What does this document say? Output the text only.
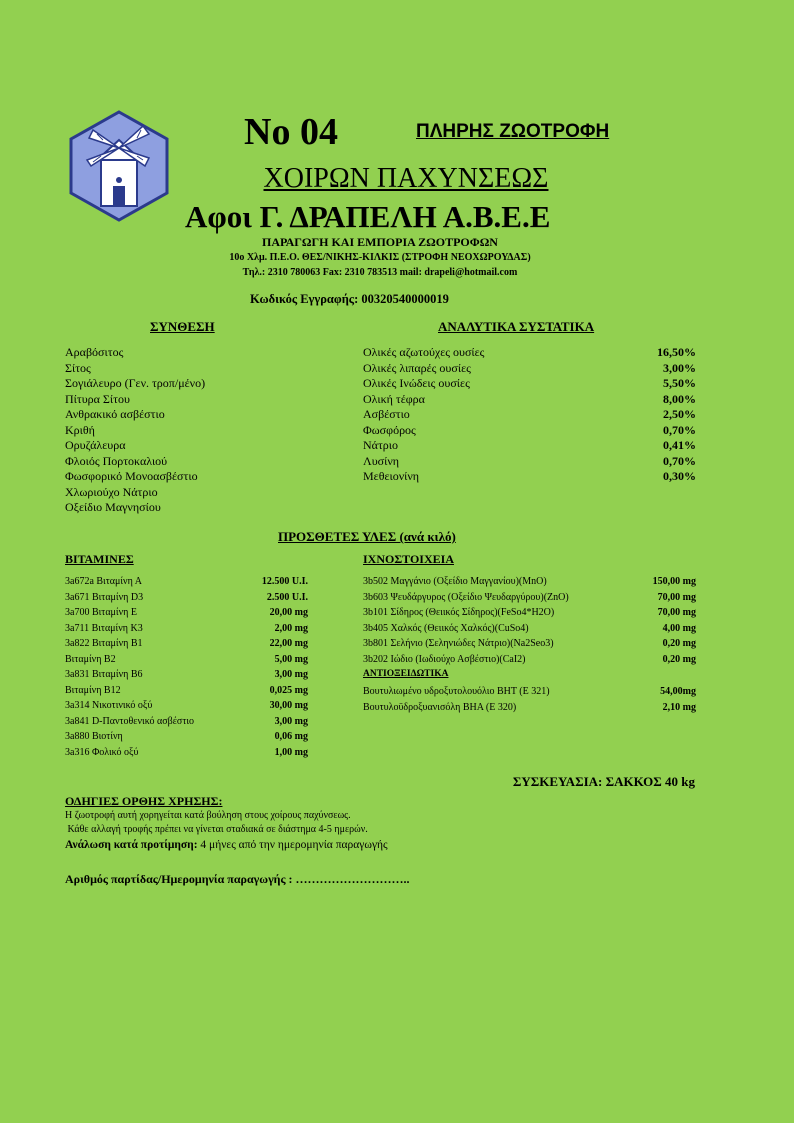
No 04	ΠΛΗΡΗΣ ΖΩΟΤΡΟΦΗ
ΧΟΙΡΩΝ ΠΑΧΥΝΣΕΩΣ
Αφοι Γ. ΔΡΑΠΕΛΗ Α.Β.Ε.Ε
ΠΑΡΑΓΩΓΗ ΚΑΙ ΕΜΠΟΡΙΑ ΖΩΟΤΡΟΦΩΝ
10ο Χλμ. Π.Ε.Ο. ΘΕΣ/ΝΙΚΗΣ-ΚΙΛΚΙΣ (ΣΤΡΟΦΗ ΝΕΟΧΩΡΟΥΔΑΣ)
Τηλ.: 2310 780063 Fax: 2310 783513 mail: drapeli@hotmail.com
Κωδικός Εγγραφής: 00320540000019
ΣΥΝΘΕΣΗ
Αραβόσιτος
Σίτος
Σογιάλευρο (Γεν. τροπ/μένο)
Πίτυρα Σίτου
Ανθρακικό ασβέστιο
Κριθή
Ορυζάλευρα
Φλοιός Πορτοκαλιού
Φωσφορικό Μονοασβέστιο
Χλωριούχο Νάτριο
Οξείδιο Μαγνησίου
ΑΝΑΛΥΤΙΚΑ ΣΥΣΤΑΤΙΚΑ
Ολικές αζωτούχες ουσίες	16,50%
Ολικές λιπαρές ουσίες	3,00%
Ολικές Ινώδεις ουσίες	5,50%
Ολική τέφρα	8,00%
Ασβέστιο	2,50%
Φωσφόρος	0,70%
Νάτριο	0,41%
Λυσίνη	0,70%
Μεθειονίνη	0,30%
ΠΡΟΣΘΕΤΕΣ ΥΛΕΣ (ανά κιλό)
ΒΙΤΑΜΙΝΕΣ
3a672a Βιταμίνη Α	12.500 U.I.
3a671 Βιταμίνη D3	2.500 U.I.
3a700 Βιταμίνη Ε	20,00 mg
3a711 Βιταμίνη Κ3	2,00 mg
3a822 Βιταμίνη Β1	22,00 mg
Βιταμίνη Β2	5,00 mg
3a831 Βιταμίνη Β6	3,00 mg
Βιταμίνη Β12	0,025 mg
3a314 Νικοτινικό οξύ	30,00 mg
3a841 D-Παντοθενικό ασβέστιο	3,00 mg
3a880 Βιοτίνη	0,06 mg
3a316 Φολικό οξύ	1,00 mg
ΙΧΝΟΣΤΟΙΧΕΙΑ
3b502 Μαγγάνιο (Οξείδιο Μαγγανίου)(MnO)	150,00 mg
3b603 Ψευδάργυρος (Οξείδιο Ψευδαργύρου)(ZnO)	70,00 mg
3b101 Σίδηρος (Θειικός Σίδηρος)(FeSo4*H2O)	70,00 mg
3b405 Χαλκός (Θειικός Χαλκός)(CuSo4)	4,00 mg
3b801 Σελήνιο (Σεληνιώδες Νάτριο)(Na2Seo3)	0,20 mg
3b202 Ιώδιο (Ιωδιούχο Ασβέστιο)(CaI2)	0,20 mg
ΑΝΤΙΟΞΕΙΔΩΤΙΚΑ
Βουτυλιωμένο υδροξυτολουόλιο BHT (E 321)	54,00mg
Βουτυλοϋδροξυανισόλη BHA (E 320)	2,10 mg
ΣΥΣΚΕΥΑΣΙΑ: ΣΑΚΚΟΣ 40 kg
ΟΔΗΓΙΕΣ ΟΡΘΗΣ ΧΡΗΣΗΣ:
Η ζωοτροφή αυτή χορηγείται κατά βούληση στους χοίρους παχύνσεως.
Κάθε αλλαγή τροφής πρέπει να γίνεται σταδιακά σε διάστημα 4-5 ημερών.
Ανάλωση κατά προτίμηση: 4 μήνες από την ημερομηνία παραγωγής
Αριθμός παρτίδας/Ημερομηνία παραγωγής : ………………………..
